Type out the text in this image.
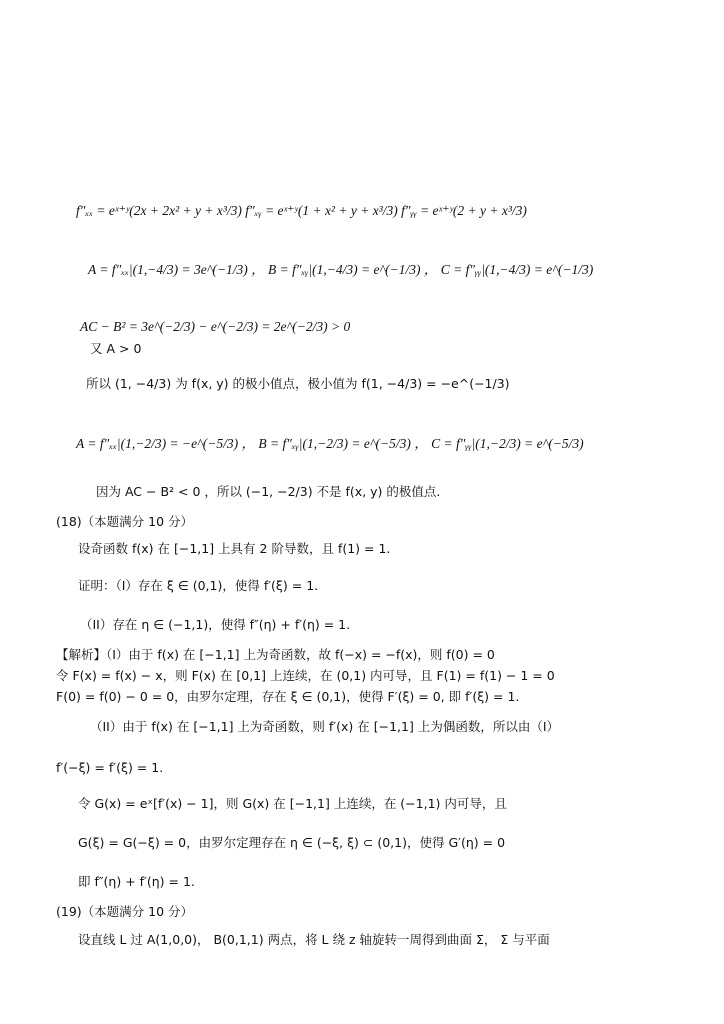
f″ₓₓ = eˣ⁺ʸ(2x + 2x² + y + x³/3) f″ₓᵧ = eˣ⁺ʸ(1 + x² + y + x³/3) f″ᵧᵧ = eˣ⁺ʸ(2 + y + x³/3)
A = f″ₓₓ|(1,−4/3) = 3e^(−1/3) ， B = f″ₓᵧ|(1,−4/3) = e^(−1/3) ， C = f″ᵧᵧ|(1,−4/3) = e^(−1/3)
AC − B² = 3e^(−2/3) − e^(−2/3) = 2e^(−2/3) > 0
又 A > 0
所以 (1, −4/3) 为 f(x, y) 的极小值点，极小值为 f(1, −4/3) = −e^(−1/3)
A = f″ₓₓ|(1,−2/3) = −e^(−5/3) ， B = f″ₓᵧ|(1,−2/3) = e^(−5/3) ， C = f″ᵧᵧ|(1,−2/3) = e^(−5/3)
因为 AC − B² < 0 ，所以 (−1, −2/3) 不是 f(x, y) 的极值点.
(18)（本题满分 10 分）
设奇函数 f(x) 在 [−1,1] 上具有 2 阶导数，且 f(1) = 1.
证明：（I）存在 ξ ∈ (0,1)，使得 f′(ξ) = 1.
（II）存在 η ∈ (−1,1)，使得 f″(η) + f′(η) = 1.
【解析】（I）由于 f(x) 在 [−1,1] 上为奇函数，故 f(−x) = −f(x)，则 f(0) = 0
令 F(x) = f(x) − x，则 F(x) 在 [0,1] 上连续，在 (0,1) 内可导，且 F(1) = f(1) − 1 = 0
F(0) = f(0) − 0 = 0，由罗尔定理，存在 ξ ∈ (0,1)，使得 F′(ξ) = 0, 即 f′(ξ) = 1.
（II）由于 f(x) 在 [−1,1] 上为奇函数，则 f′(x) 在 [−1,1] 上为偶函数，所以由（I）
f′(−ξ) = f′(ξ) = 1.
令 G(x) = eˣ[f′(x) − 1]，则 G(x) 在 [−1,1] 上连续，在 (−1,1) 内可导，且
G(ξ) = G(−ξ) = 0，由罗尔定理存在 η ∈ (−ξ, ξ) ⊂ (0,1)，使得 G′(η) = 0
即 f″(η) + f′(η) = 1.
(19)（本题满分 10 分）
设直线 L 过 A(1,0,0)， B(0,1,1) 两点，将 L 绕 z 轴旋转一周得到曲面 Σ， Σ 与平面
